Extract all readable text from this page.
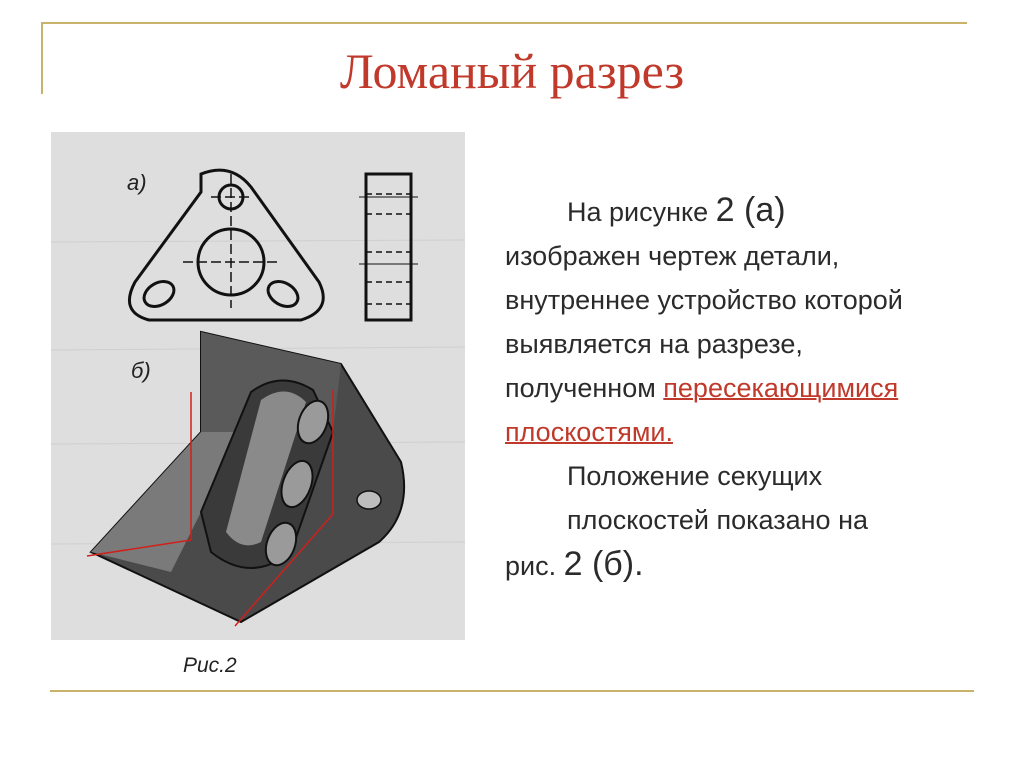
Ломаный разрез
а)
б)
Рис.2

На рисунке 2 (а)

изображен чертеж детали, внутреннее устройство которой выявляется на разрезе, полученном пересекающимися плоскостями.

Положение секущих плоскостей показано на

рис. 2 (б).
